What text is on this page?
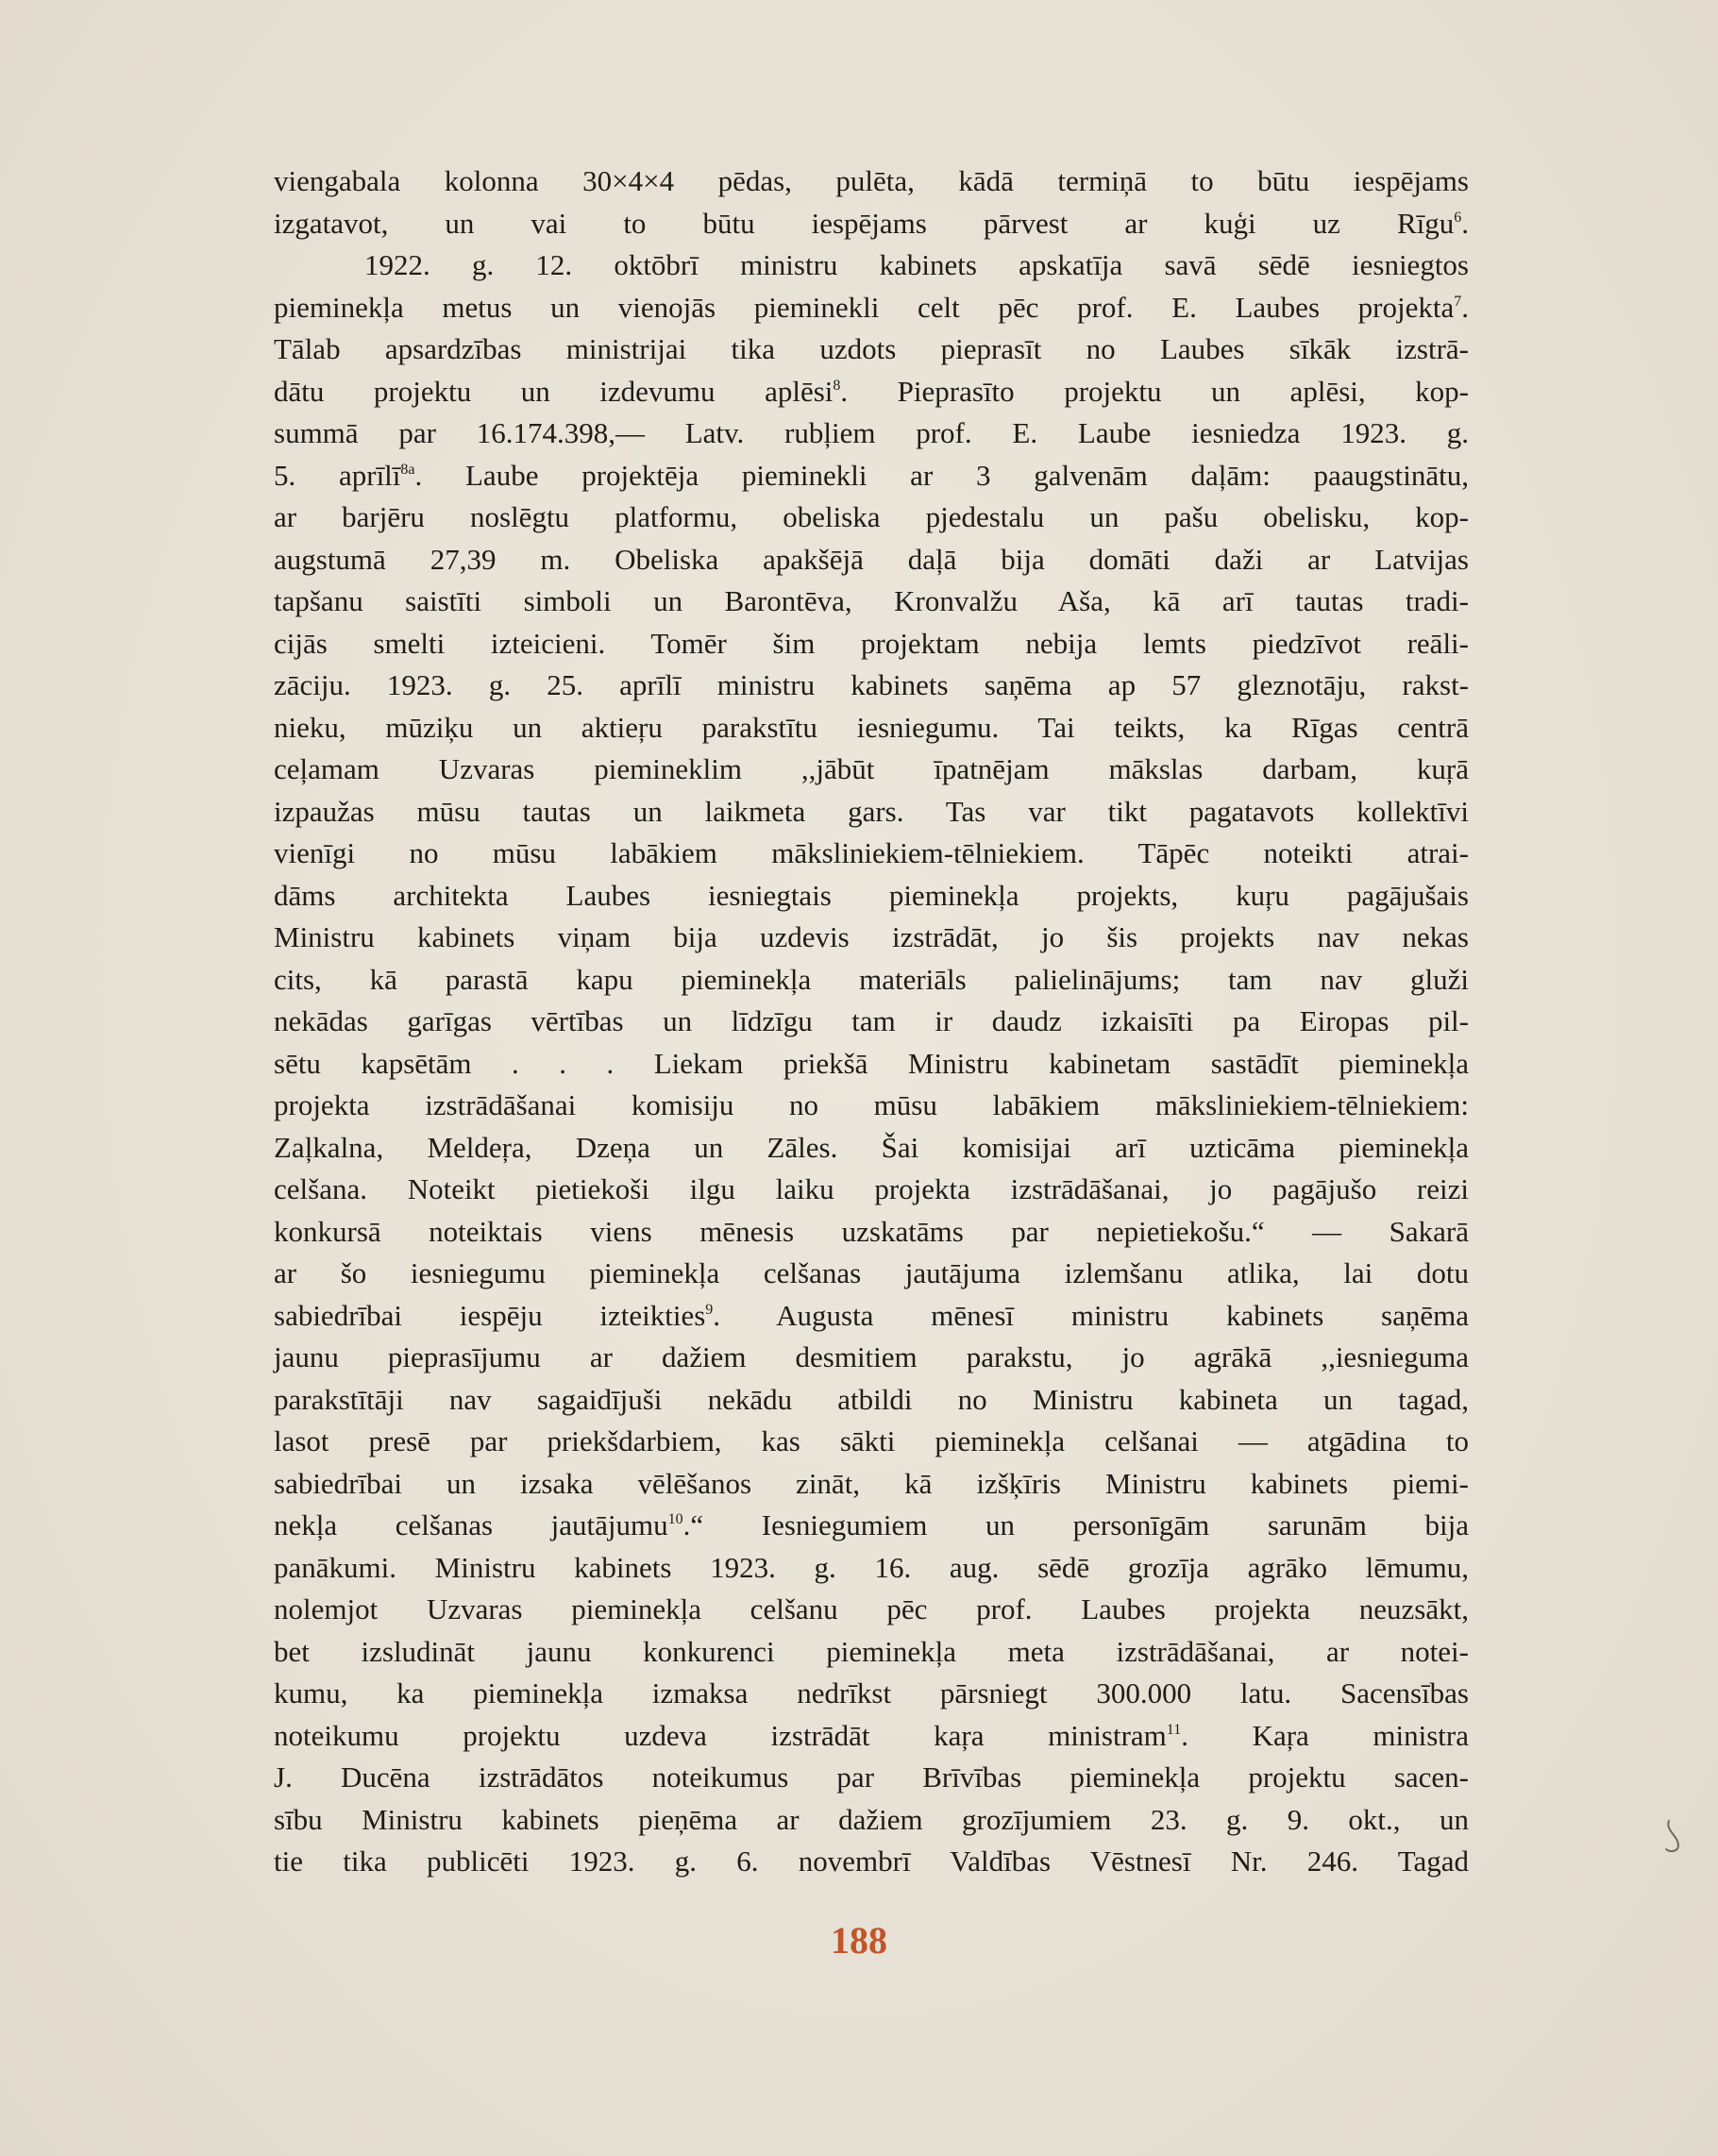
viengabala kolonna 30×4×4 pēdas, pulēta, kādā termiņā to būtu iespējams
izgatavot, un vai to būtu iespējams pārvest ar kuģi uz Rīgu$^6$.
1922. g. 12. oktōbrī ministru kabinets apskatīja savā sēdē iesniegtos
pieminekļa metus un vienojās pieminekli celt pēc prof. E. Laubes projekta$^7$.
Tālab apsardzības ministrijai tika uzdots pieprasīt no Laubes sīkāk izstrā-
dātu projektu un izdevumu aplēsi$^8$. Pieprasīto projektu un aplēsi, kop-
summā par 16.174.398,— Latv. rubļiem prof. E. Laube iesniedza 1923. g.
5. aprīlī$^{8a}$. Laube projektēja pieminekli ar 3 galvenām daļām: paaugstinātu,
ar barjēru noslēgtu platformu, obeliska pjedestalu un pašu obelisku, kop-
augstumā 27,39 m. Obeliska apakšējā daļā bija domāti daži ar Latvijas
tapšanu saistīti simboli un Barontēva, Kronvalžu Aša, kā arī tautas tradi-
cijās smelti izteicieni. Tomēr šim projektam nebija lemts piedzīvot reāli-
zāciju. 1923. g. 25. aprīlī ministru kabinets saņēma ap 57 gleznotāju, rakst-
nieku, mūziķu un aktieŗu parakstītu iesniegumu. Tai teikts, ka Rīgas centrā
ceļamam Uzvaras piemineklim ,,jābūt īpatnējam mākslas darbam, kuŗā
izpaužas mūsu tautas un laikmeta gars. Tas var tikt pagatavots kollektīvi
vienīgi no mūsu labākiem māksliniekiem-tēlniekiem. Tāpēc noteikti atrai-
dāms architekta Laubes iesniegtais pieminekļa projekts, kuŗu pagājušais
Ministru kabinets viņam bija uzdevis izstrādāt, jo šis projekts nav nekas
cits, kā parastā kapu pieminekļa materiāls palielinājums; tam nav gluži
nekādas garīgas vērtības un līdzīgu tam ir daudz izkaisīti pa Eiropas pil-
sētu kapsētām . . . Liekam priekšā Ministru kabinetam sastādīt pieminekļa
projekta izstrādāšanai komisiju no mūsu labākiem māksliniekiem-tēlniekiem:
Zaļkalna, Meldeŗa, Dzeņa un Zāles. Šai komisijai arī uzticāma pieminekļa
celšana. Noteikt pietiekoši ilgu laiku projekta izstrādāšanai, jo pagājušo reizi
konkursā noteiktais viens mēnesis uzskatāms par nepietiekošu.“ — Sakarā
ar šo iesniegumu pieminekļa celšanas jautājuma izlemšanu atlika, lai dotu
sabiedrībai iespēju izteikties$^9$. Augusta mēnesī ministru kabinets saņēma
jaunu pieprasījumu ar dažiem desmitiem parakstu, jo agrākā ,,iesnieguma
parakstītāji nav sagaidījuši nekādu atbildi no Ministru kabineta un tagad,
lasot presē par priekšdarbiem, kas sākti pieminekļa celšanai — atgādina to
sabiedrībai un izsaka vēlēšanos zināt, kā izšķīris Ministru kabinets piemi-
nekļa celšanas jautājumu$^{10}$.“ Iesniegumiem un personīgām sarunām bija
panākumi. Ministru kabinets 1923. g. 16. aug. sēdē grozīja agrāko lēmumu,
nolemjot Uzvaras pieminekļa celšanu pēc prof. Laubes projekta neuzsākt,
bet izsludināt jaunu konkurenci pieminekļa meta izstrādāšanai, ar notei-
kumu, ka pieminekļa izmaksa nedrīkst pārsniegt 300.000 latu. Sacensības
noteikumu projektu uzdeva izstrādāt kaŗa ministram$^{11}$. Kaŗa ministra
J. Ducēna izstrādātos noteikumus par Brīvības pieminekļa projektu sacen-
sību Ministru kabinets pieņēma ar dažiem grozījumiem 23. g. 9. okt., un
tie tika publicēti 1923. g. 6. novembrī Valdības Vēstnesī Nr. 246. Tagad
188
